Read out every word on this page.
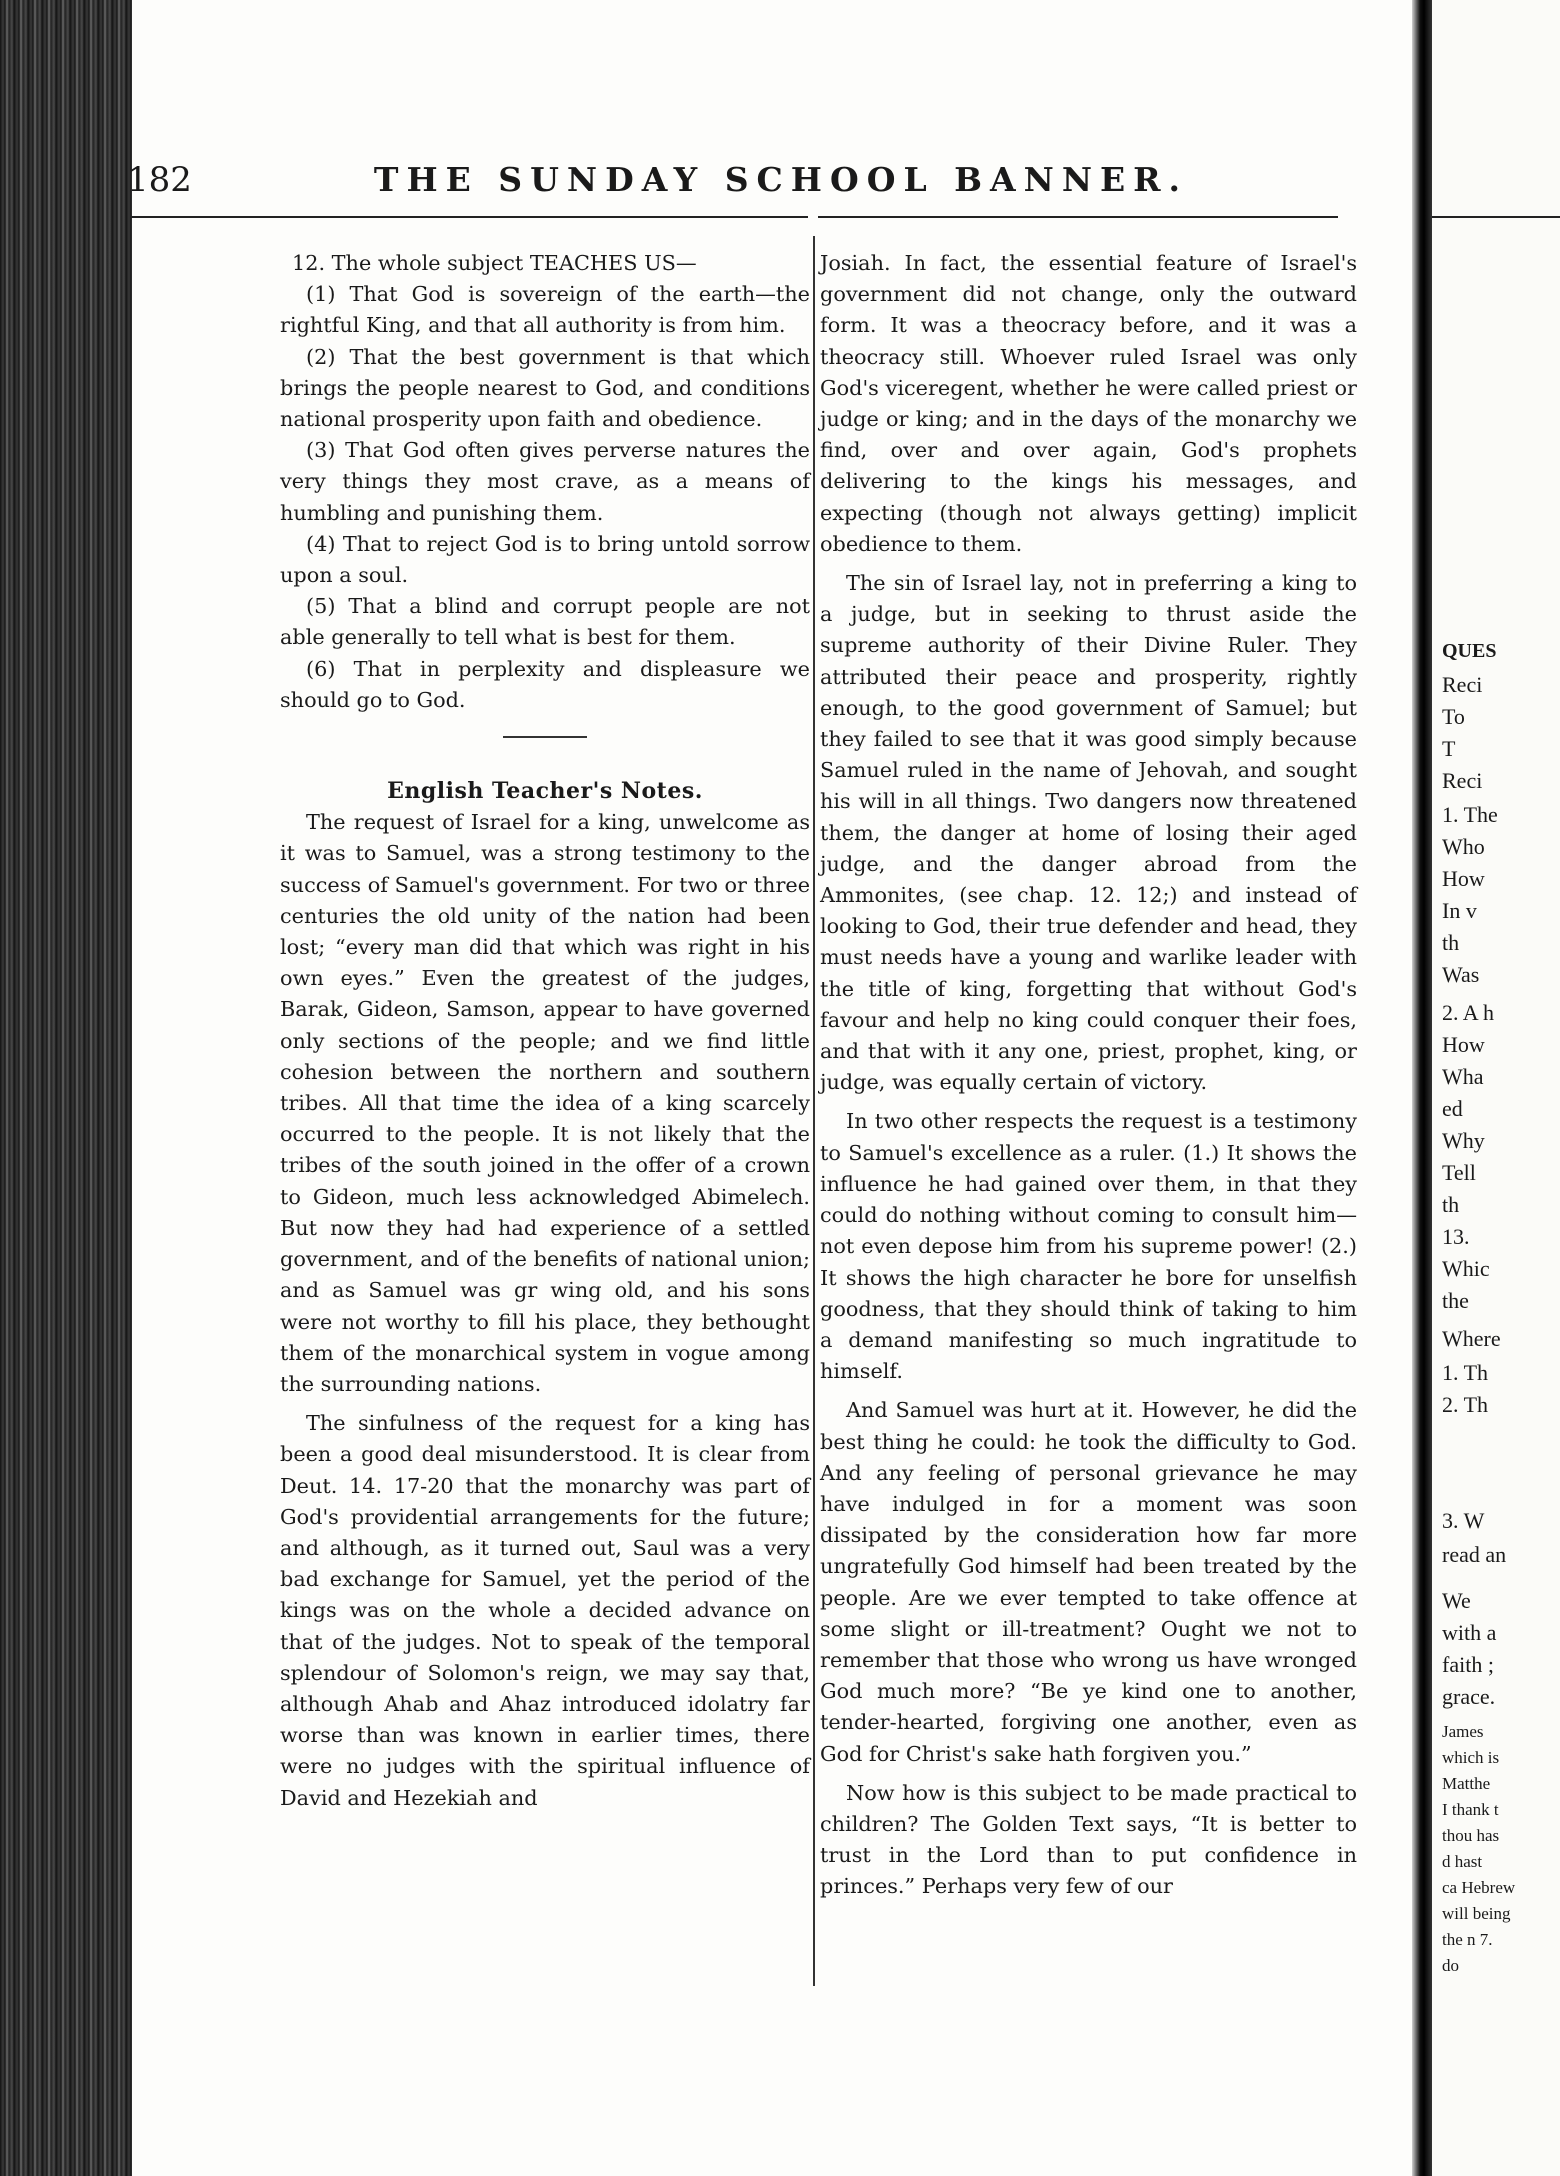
182	THE SUNDAY SCHOOL BANNER.

12. The whole subject TEACHES US—

(1) That God is sovereign of the earth—the rightful King, and that all authority is from him.

(2) That the best government is that which brings the people nearest to God, and conditions national prosperity upon faith and obedience.

(3) That God often gives perverse natures the very things they most crave, as a means of humbling and punishing them.

(4) That to reject God is to bring untold sorrow upon a soul.

(5) That a blind and corrupt people are not able generally to tell what is best for them.

(6) That in perplexity and displeasure we should go to God.

English Teacher's Notes.

The request of Israel for a king, unwelcome as it was to Samuel, was a strong testimony to the success of Samuel's government. For two or three centuries the old unity of the nation had been lost; “every man did that which was right in his own eyes.” Even the greatest of the judges, Barak, Gideon, Samson, appear to have governed only sections of the people; and we find little cohesion between the northern and southern tribes. All that time the idea of a king scarcely occurred to the people. It is not likely that the tribes of the south joined in the offer of a crown to Gideon, much less acknowledged Abimelech. But now they had had experience of a settled government, and of the benefits of national union; and as Samuel was gr wing old, and his sons were not worthy to fill his place, they bethought them of the monarchical system in vogue among the surrounding nations.

The sinfulness of the request for a king has been a good deal misunderstood. It is clear from Deut. 14. 17-20 that the monarchy was part of God's providential arrangements for the future; and although, as it turned out, Saul was a very bad exchange for Samuel, yet the period of the kings was on the whole a decided advance on that of the judges. Not to speak of the temporal splendour of Solomon's reign, we may say that, although Ahab and Ahaz introduced idolatry far worse than was known in earlier times, there were no judges with the spiritual influence of David and Hezekiah and

Josiah. In fact, the essential feature of Israel's government did not change, only the outward form. It was a theocracy before, and it was a theocracy still. Whoever ruled Israel was only God's viceregent, whether he were called priest or judge or king; and in the days of the monarchy we find, over and over again, God's prophets delivering to the kings his messages, and expecting (though not always getting) implicit obedience to them.

The sin of Israel lay, not in preferring a king to a judge, but in seeking to thrust aside the supreme authority of their Divine Ruler. They attributed their peace and prosperity, rightly enough, to the good government of Samuel; but they failed to see that it was good simply because Samuel ruled in the name of Jehovah, and sought his will in all things. Two dangers now threatened them, the danger at home of losing their aged judge, and the danger abroad from the Ammonites, (see chap. 12. 12;) and instead of looking to God, their true defender and head, they must needs have a young and warlike leader with the title of king, forgetting that without God's favour and help no king could conquer their foes, and that with it any one, priest, prophet, king, or judge, was equally certain of victory.

In two other respects the request is a testimony to Samuel's excellence as a ruler. (1.) It shows the influence he had gained over them, in that they could do nothing without coming to consult him—not even depose him from his supreme power! (2.) It shows the high character he bore for unselfish goodness, that they should think of taking to him a demand manifesting so much ingratitude to himself.

And Samuel was hurt at it. However, he did the best thing he could: he took the difficulty to God. And any feeling of personal grievance he may have indulged in for a moment was soon dissipated by the consideration how far more ungratefully God himself had been treated by the people. Are we ever tempted to take offence at some slight or ill-treatment? Ought we not to remember that those who wrong us have wronged God much more? “Be ye kind one to another, tender-hearted, forgiving one another, even as God for Christ's sake hath forgiven you.”

Now how is this subject to be made practical to children? The Golden Text says, “It is better to trust in the Lord than to put confidence in princes.” Perhaps very few of our

QUES
Reci
To
T
Reci
1. The
Who
How
In v
th
Was
2. A h
How
Wha
ed
Why
Tell
th
13.
Whic
the
Where
1. Th
2. Th
3. W
read an
We
with a
faith ;
grace.
James
which is
Matthe
I thank t
thou has
d hast
ca Hebrew
will being
the n 7.
do
